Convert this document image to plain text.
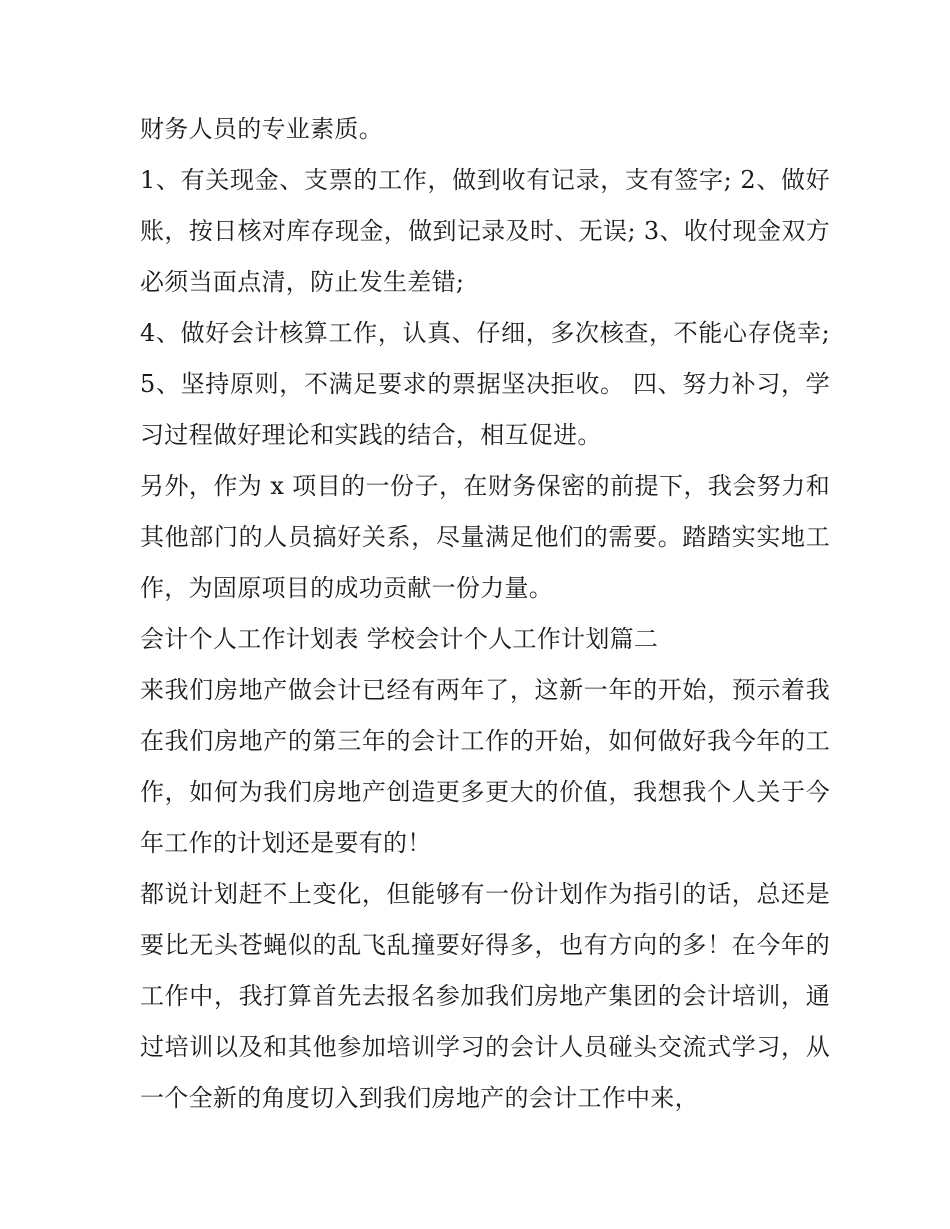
财务人员的专业素质。

1、有关现金、支票的工作，做到收有记录，支有签字; 2、做好账，按日核对库存现金，做到记录及时、无误; 3、收付现金双方必须当面点清，防止发生差错;

4、做好会计核算工作，认真、仔细，多次核查，不能心存侥幸; 5、坚持原则，不满足要求的票据坚决拒收。 四、努力补习，学习过程做好理论和实践的结合，相互促进。

另外，作为 x 项目的一份子，在财务保密的前提下，我会努力和其他部门的人员搞好关系，尽量满足他们的需要。踏踏实实地工作，为固原项目的成功贡献一份力量。

会计个人工作计划表 学校会计个人工作计划篇二

来我们房地产做会计已经有两年了，这新一年的开始，预示着我在我们房地产的第三年的会计工作的开始，如何做好我今年的工作，如何为我们房地产创造更多更大的价值，我想我个人关于今年工作的计划还是要有的！

都说计划赶不上变化，但能够有一份计划作为指引的话，总还是要比无头苍蝇似的乱飞乱撞要好得多，也有方向的多！在今年的工作中，我打算首先去报名参加我们房地产集团的会计培训，通过培训以及和其他参加培训学习的会计人员碰头交流式学习，从一个全新的角度切入到我们房地产的会计工作中来，
